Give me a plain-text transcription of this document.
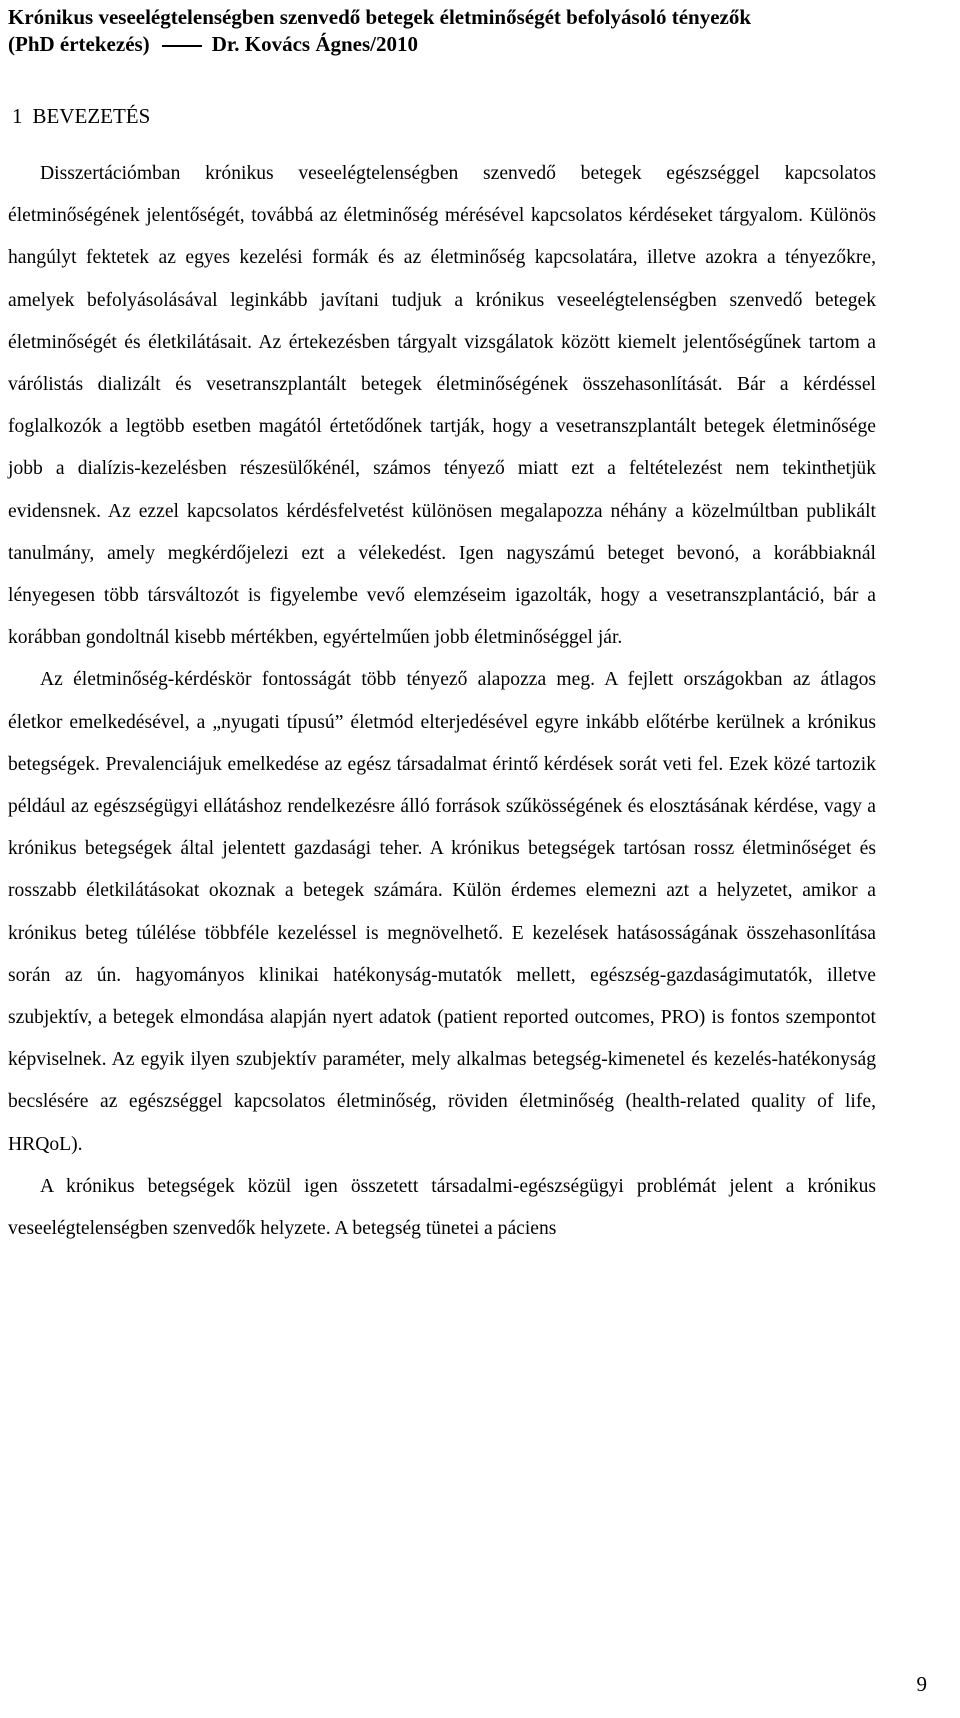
Krónikus veseelégtelenségben szenvedő betegek életminőségét befolyásoló tényezők
(PhD értekezés)	Dr. Kovács Ágnes/2010
1 BEVEZETÉS

Disszertációmban krónikus veseelégtelenségben szenvedő betegek egészséggel kapcsolatos életminőségének jelentőségét, továbbá az életminőség mérésével kapcsolatos kérdéseket tárgyalom. Különös hangúlyt fektetek az egyes kezelési formák és az életminőség kapcsolatára, illetve azokra a tényezőkre, amelyek befolyásolásával leginkább javítani tudjuk a krónikus veseelégtelenségben szenvedő betegek életminőségét és életkilátásait. Az értekezésben tárgyalt vizsgálatok között kiemelt jelentőségűnek tartom a várólistás dializált és vesetranszplantált betegek életminőségének összehasonlítását. Bár a kérdéssel foglalkozók a legtöbb esetben magától értetődőnek tartják, hogy a vesetranszplantált betegek életminősége jobb a dialízis-kezelésben részesülőkénél, számos tényező miatt ezt a feltételezést nem tekinthetjük evidensnek. Az ezzel kapcsolatos kérdésfelvetést különösen megalapozza néhány a közelmúltban publikált tanulmány, amely megkérdőjelezi ezt a vélekedést. Igen nagyszámú beteget bevonó, a korábbiaknál lényegesen több társváltozót is figyelembe vevő elemzéseim igazolták, hogy a vesetranszplantáció, bár a korábban gondoltnál kisebb mértékben, egyértelműen jobb életminőséggel jár.

Az életminőség-kérdéskör fontosságát több tényező alapozza meg. A fejlett országokban az átlagos életkor emelkedésével, a „nyugati típusú” életmód elterjedésével egyre inkább előtérbe kerülnek a krónikus betegségek. Prevalenciájuk emelkedése az egész társadalmat érintő kérdések sorát veti fel. Ezek közé tartozik például az egészségügyi ellátáshoz rendelkezésre álló források szűkösségének és elosztásának kérdése, vagy a krónikus betegségek által jelentett gazdasági teher. A krónikus betegségek tartósan rossz életminőséget és rosszabb életkilátásokat okoznak a betegek számára. Külön érdemes elemezni azt a helyzetet, amikor a krónikus beteg túlélése többféle kezeléssel is megnövelhető. E kezelések hatásosságának összehasonlítása során az ún. hagyományos klinikai hatékonyság-mutatók mellett, egészség-gazdaságimutatók, illetve szubjektív, a betegek elmondása alapján nyert adatok (patient reported outcomes, PRO) is fontos szempontot képviselnek. Az egyik ilyen szubjektív paraméter, mely alkalmas betegség-kimenetel és kezelés-hatékonyság becslésére az egészséggel kapcsolatos életminőség, röviden életminőség (health-related quality of life, HRQoL).

A krónikus betegségek közül igen összetett társadalmi-egészségügyi problémát jelent a krónikus veseelégtelenségben szenvedők helyzete. A betegség tünetei a páciens

9
